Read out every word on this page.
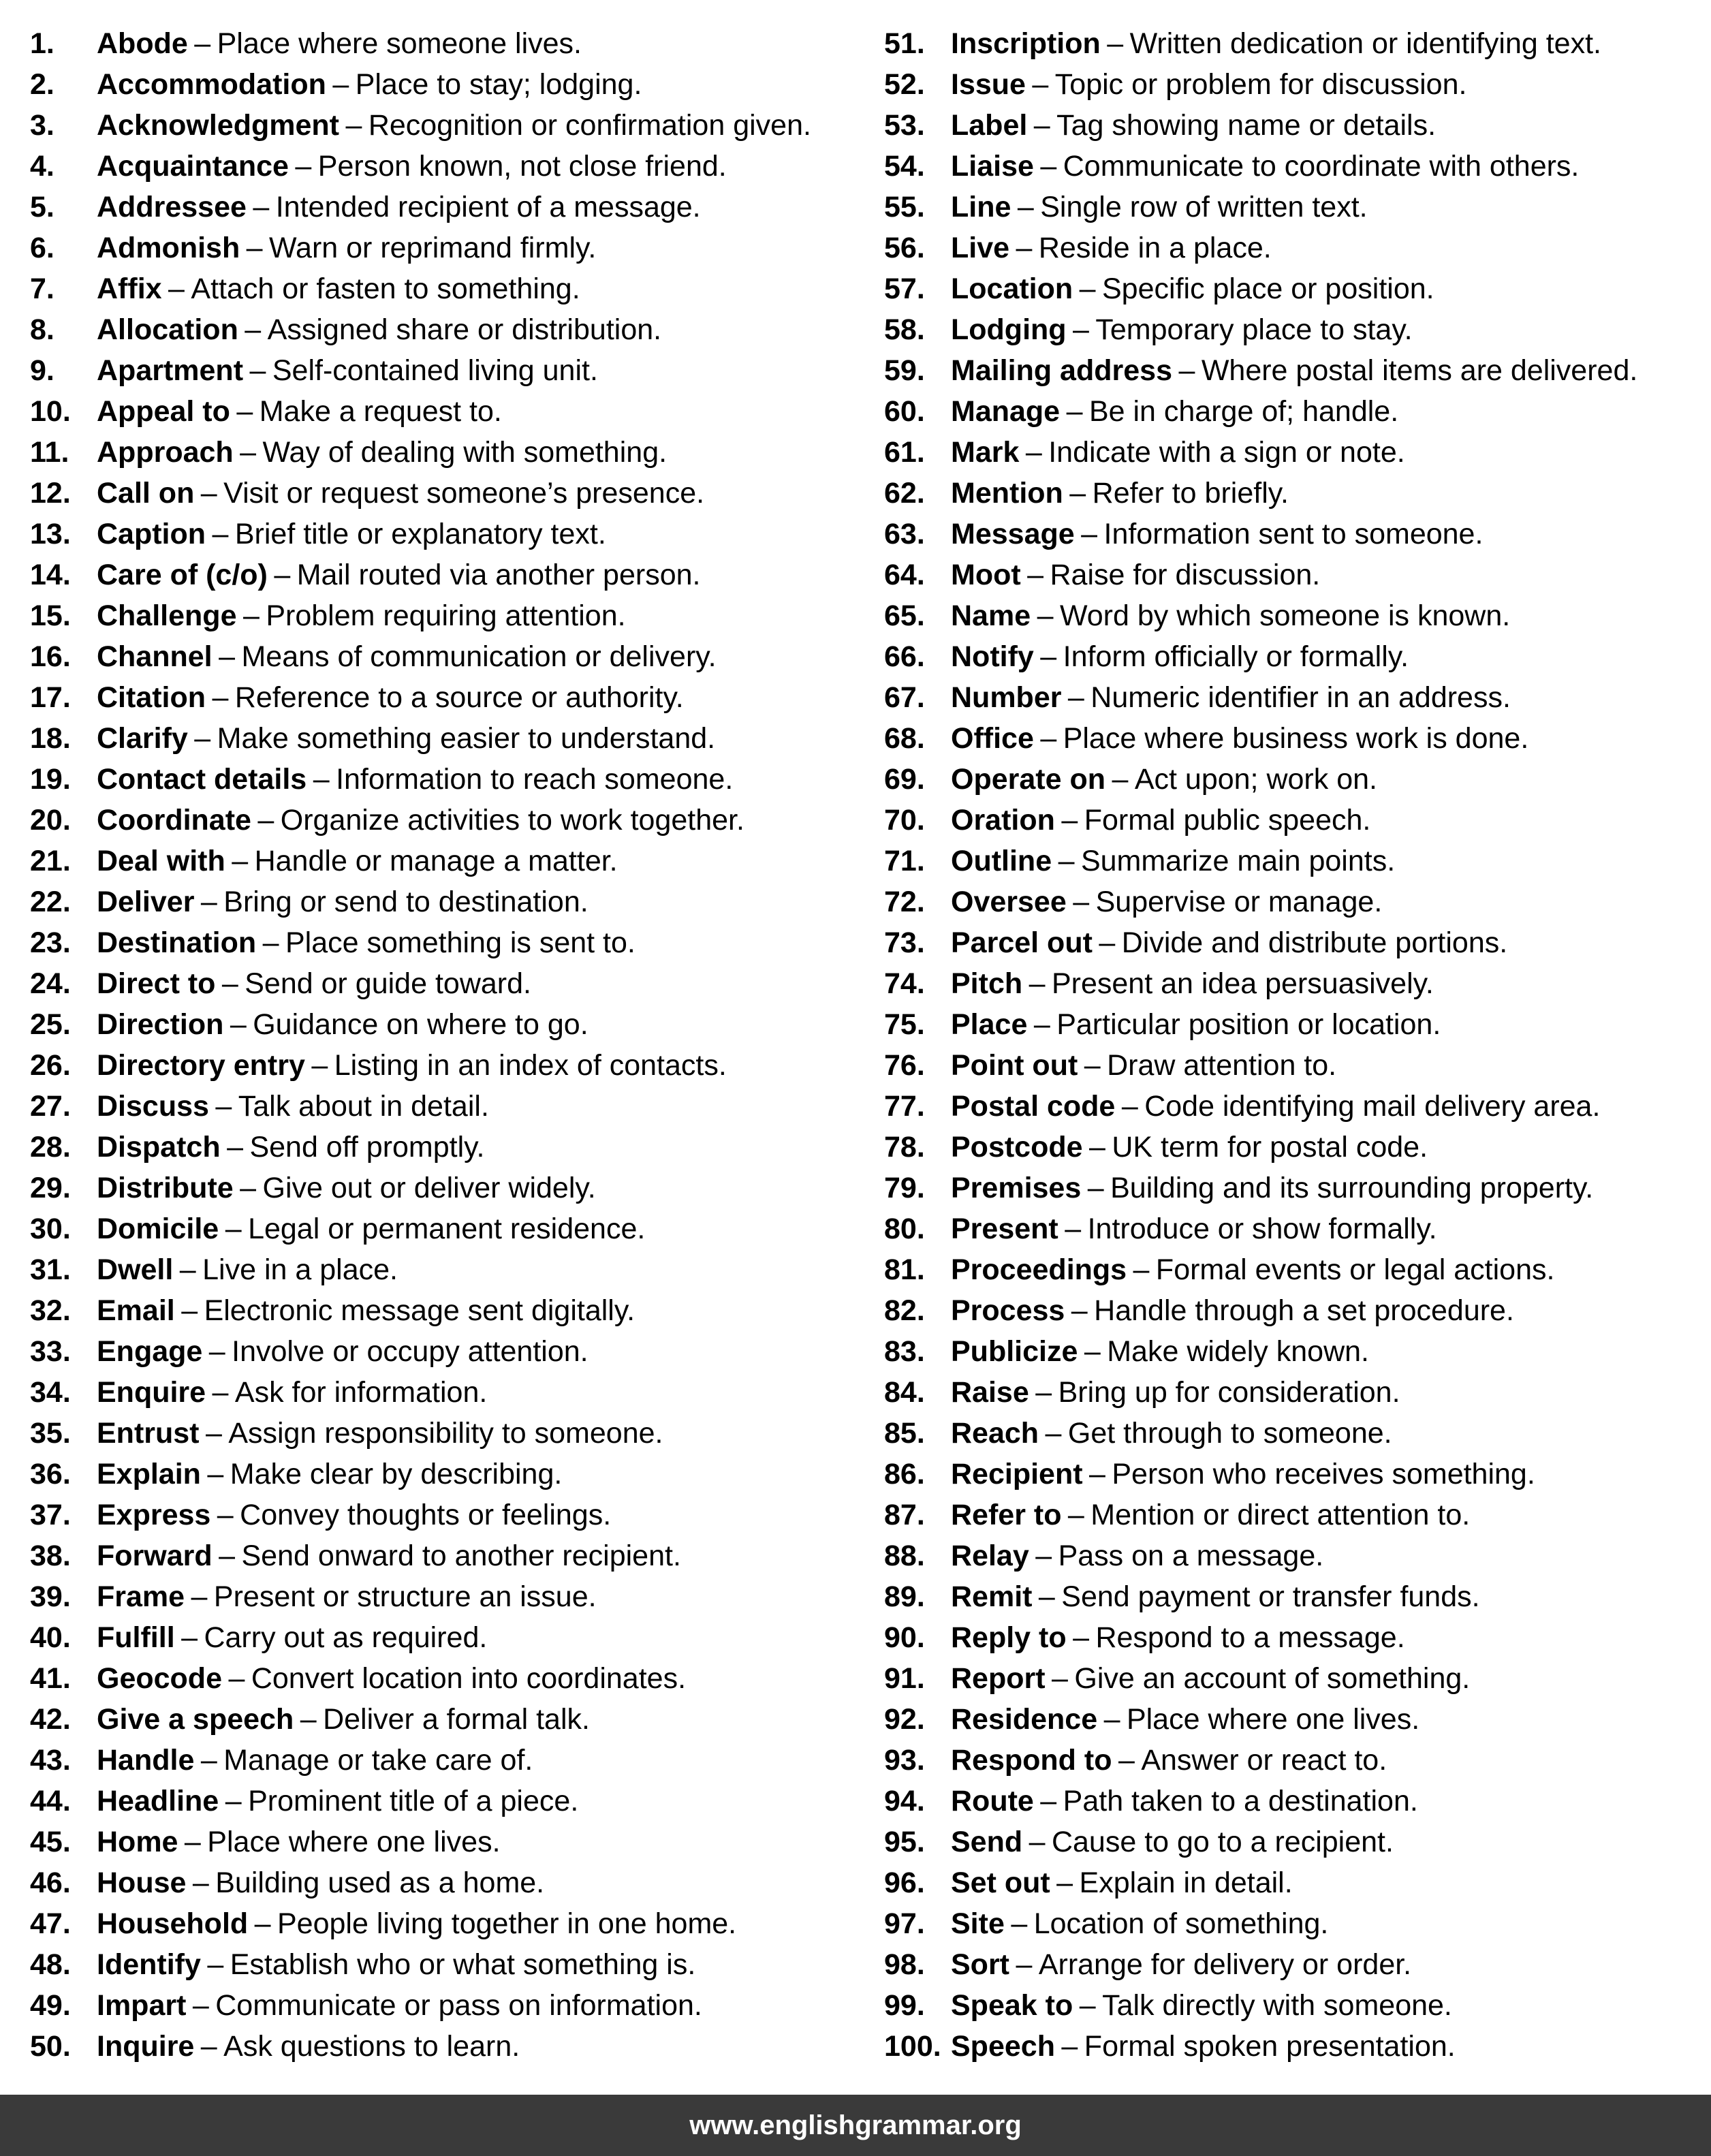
1. Abode – Place where someone lives.
2. Accommodation – Place to stay; lodging.
3. Acknowledgment – Recognition or confirmation given.
4. Acquaintance – Person known, not close friend.
5. Addressee – Intended recipient of a message.
6. Admonish – Warn or reprimand firmly.
7. Affix – Attach or fasten to something.
8. Allocation – Assigned share or distribution.
9. Apartment – Self-contained living unit.
10. Appeal to – Make a request to.
11. Approach – Way of dealing with something.
12. Call on – Visit or request someone’s presence.
13. Caption – Brief title or explanatory text.
14. Care of (c/o) – Mail routed via another person.
15. Challenge – Problem requiring attention.
16. Channel – Means of communication or delivery.
17. Citation – Reference to a source or authority.
18. Clarify – Make something easier to understand.
19. Contact details – Information to reach someone.
20. Coordinate – Organize activities to work together.
21. Deal with – Handle or manage a matter.
22. Deliver – Bring or send to destination.
23. Destination – Place something is sent to.
24. Direct to – Send or guide toward.
25. Direction – Guidance on where to go.
26. Directory entry – Listing in an index of contacts.
27. Discuss – Talk about in detail.
28. Dispatch – Send off promptly.
29. Distribute – Give out or deliver widely.
30. Domicile – Legal or permanent residence.
31. Dwell – Live in a place.
32. Email – Electronic message sent digitally.
33. Engage – Involve or occupy attention.
34. Enquire – Ask for information.
35. Entrust – Assign responsibility to someone.
36. Explain – Make clear by describing.
37. Express – Convey thoughts or feelings.
38. Forward – Send onward to another recipient.
39. Frame – Present or structure an issue.
40. Fulfill – Carry out as required.
41. Geocode – Convert location into coordinates.
42. Give a speech – Deliver a formal talk.
43. Handle – Manage or take care of.
44. Headline – Prominent title of a piece.
45. Home – Place where one lives.
46. House – Building used as a home.
47. Household – People living together in one home.
48. Identify – Establish who or what something is.
49. Impart – Communicate or pass on information.
50. Inquire – Ask questions to learn.
51. Inscription – Written dedication or identifying text.
52. Issue – Topic or problem for discussion.
53. Label – Tag showing name or details.
54. Liaise – Communicate to coordinate with others.
55. Line – Single row of written text.
56. Live – Reside in a place.
57. Location – Specific place or position.
58. Lodging – Temporary place to stay.
59. Mailing address – Where postal items are delivered.
60. Manage – Be in charge of; handle.
61. Mark – Indicate with a sign or note.
62. Mention – Refer to briefly.
63. Message – Information sent to someone.
64. Moot – Raise for discussion.
65. Name – Word by which someone is known.
66. Notify – Inform officially or formally.
67. Number – Numeric identifier in an address.
68. Office – Place where business work is done.
69. Operate on – Act upon; work on.
70. Oration – Formal public speech.
71. Outline – Summarize main points.
72. Oversee – Supervise or manage.
73. Parcel out – Divide and distribute portions.
74. Pitch – Present an idea persuasively.
75. Place – Particular position or location.
76. Point out – Draw attention to.
77. Postal code – Code identifying mail delivery area.
78. Postcode – UK term for postal code.
79. Premises – Building and its surrounding property.
80. Present – Introduce or show formally.
81. Proceedings – Formal events or legal actions.
82. Process – Handle through a set procedure.
83. Publicize – Make widely known.
84. Raise – Bring up for consideration.
85. Reach – Get through to someone.
86. Recipient – Person who receives something.
87. Refer to – Mention or direct attention to.
88. Relay – Pass on a message.
89. Remit – Send payment or transfer funds.
90. Reply to – Respond to a message.
91. Report – Give an account of something.
92. Residence – Place where one lives.
93. Respond to – Answer or react to.
94. Route – Path taken to a destination.
95. Send – Cause to go to a recipient.
96. Set out – Explain in detail.
97. Site – Location of something.
98. Sort – Arrange for delivery or order.
99. Speak to – Talk directly with someone.
100. Speech – Formal spoken presentation.
www.englishgrammar.org
